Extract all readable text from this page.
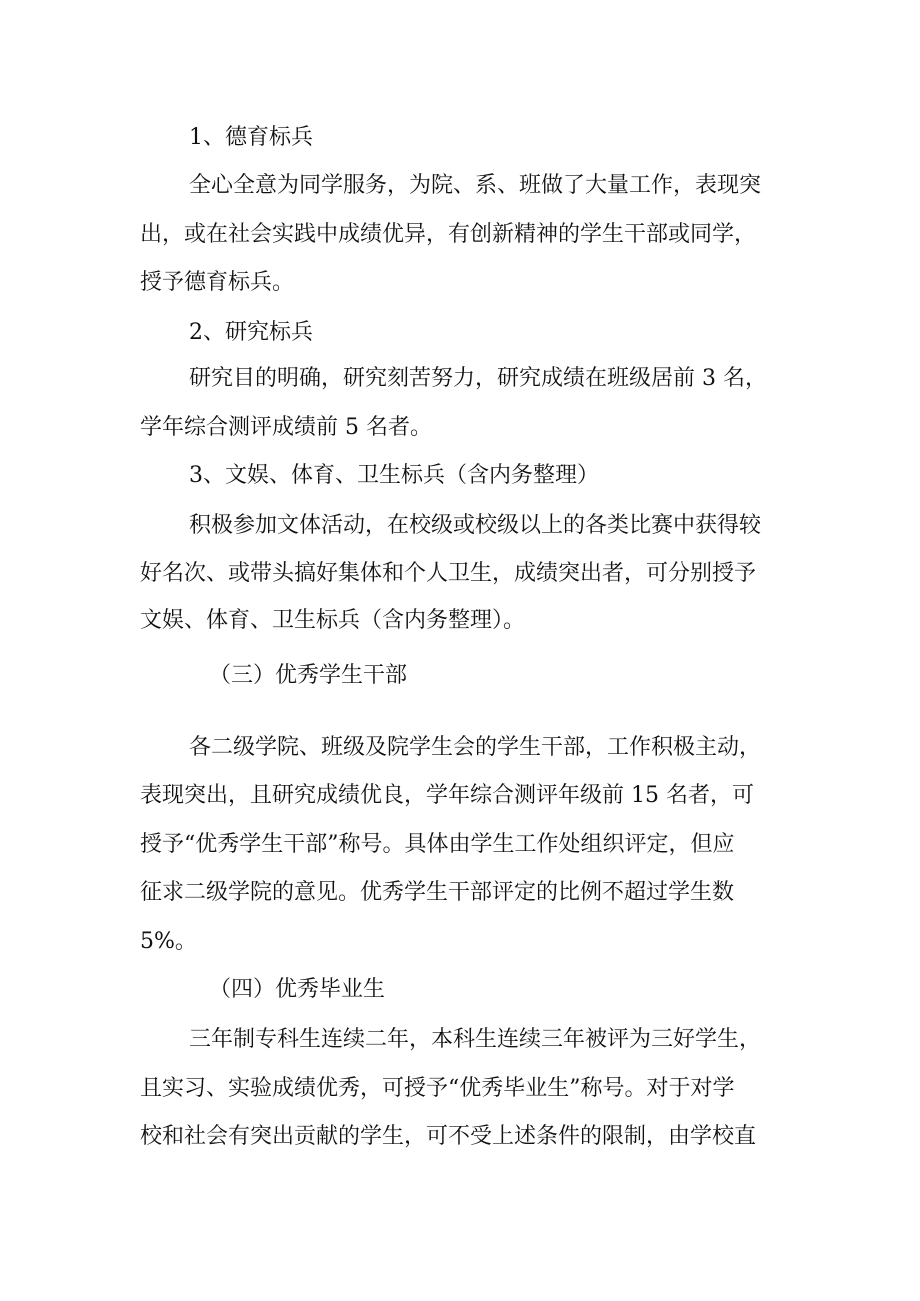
1、德育标兵
全心全意为同学服务，为院、系、班做了大量工作，表现突
出，或在社会实践中成绩优异，有创新精神的学生干部或同学，
授予德育标兵。
2、研究标兵
研究目的明确，研究刻苦努力，研究成绩在班级居前 3 名，
学年综合测评成绩前 5 名者。
3、文娱、体育、卫生标兵（含内务整理）
积极参加文体活动，在校级或校级以上的各类比赛中获得较
好名次、或带头搞好集体和个人卫生，成绩突出者，可分别授予
文娱、体育、卫生标兵（含内务整理）。
（三）优秀学生干部
各二级学院、班级及院学生会的学生干部，工作积极主动，
表现突出，且研究成绩优良，学年综合测评年级前 15 名者，可
授予“优秀学生干部”称号。具体由学生工作处组织评定，但应
征求二级学院的意见。优秀学生干部评定的比例不超过学生数
5%。
（四）优秀毕业生
三年制专科生连续二年，本科生连续三年被评为三好学生，
且实习、实验成绩优秀，可授予“优秀毕业生”称号。对于对学
校和社会有突出贡献的学生，可不受上述条件的限制，由学校直
